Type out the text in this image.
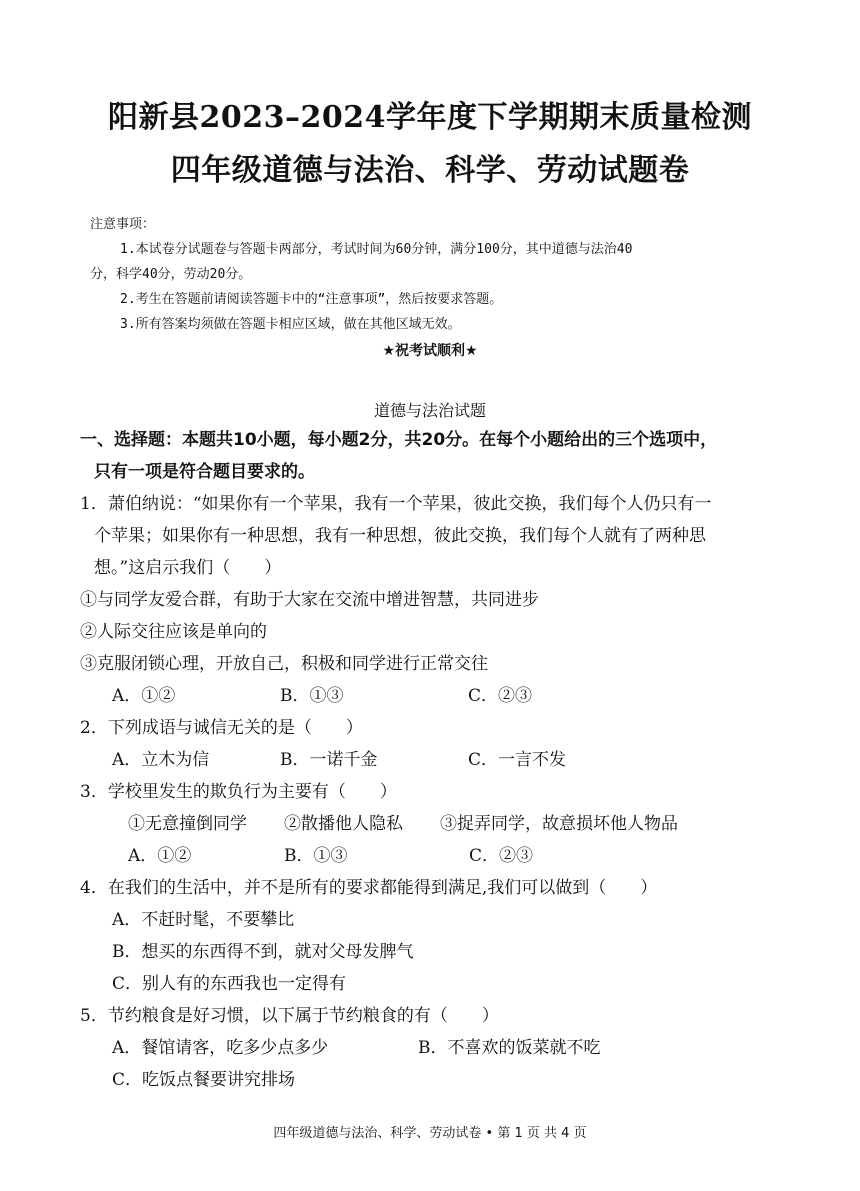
阳新县2023–2024学年度下学期期末质量检测
四年级道德与法治、科学、劳动试题卷
注意事项：
1.本试卷分试题卷与答题卡两部分，考试时间为60分钟，满分100分，其中道德与法治40
分，科学40分，劳动20分。
2.考生在答题前请阅读答题卡中的“注意事项”，然后按要求答题。
3.所有答案均须做在答题卡相应区域，做在其他区域无效。
★祝考试顺利★
道德与法治试题
一、选择题：本题共10小题，每小题2分，共20分。在每个小题给出的三个选项中，
只有一项是符合题目要求的。
1．萧伯纳说：“如果你有一个苹果，我有一个苹果，彼此交换，我们每个人仍只有一
个苹果；如果你有一种思想，我有一种思想，彼此交换，我们每个人就有了两种思
想。”这启示我们（　　）
①与同学友爱合群，有助于大家在交流中增进智慧，共同进步
②人际交往应该是单向的
③克服闭锁心理，开放自己，积极和同学进行正常交往
A．①②	B．①③	C．②③
2．下列成语与诚信无关的是（　　）
A．立木为信	B．一诺千金	C．一言不发
3．学校里发生的欺负行为主要有（　　）
①无意撞倒同学 ②散播他人隐私 ③捉弄同学，故意损坏他人物品
A．①②	B．①③	C．②③
4．在我们的生活中，并不是所有的要求都能得到满足,我们可以做到（　　）
A．不赶时髦，不要攀比
B．想买的东西得不到，就对父母发脾气
C．别人有的东西我也一定得有
5．节约粮食是好习惯，以下属于节约粮食的有（　　）
A．餐馆请客，吃多少点多少	B．不喜欢的饭菜就不吃
C．吃饭点餐要讲究排场
四年级道德与法治、科学、劳动试卷 • 第 1 页 共 4 页
